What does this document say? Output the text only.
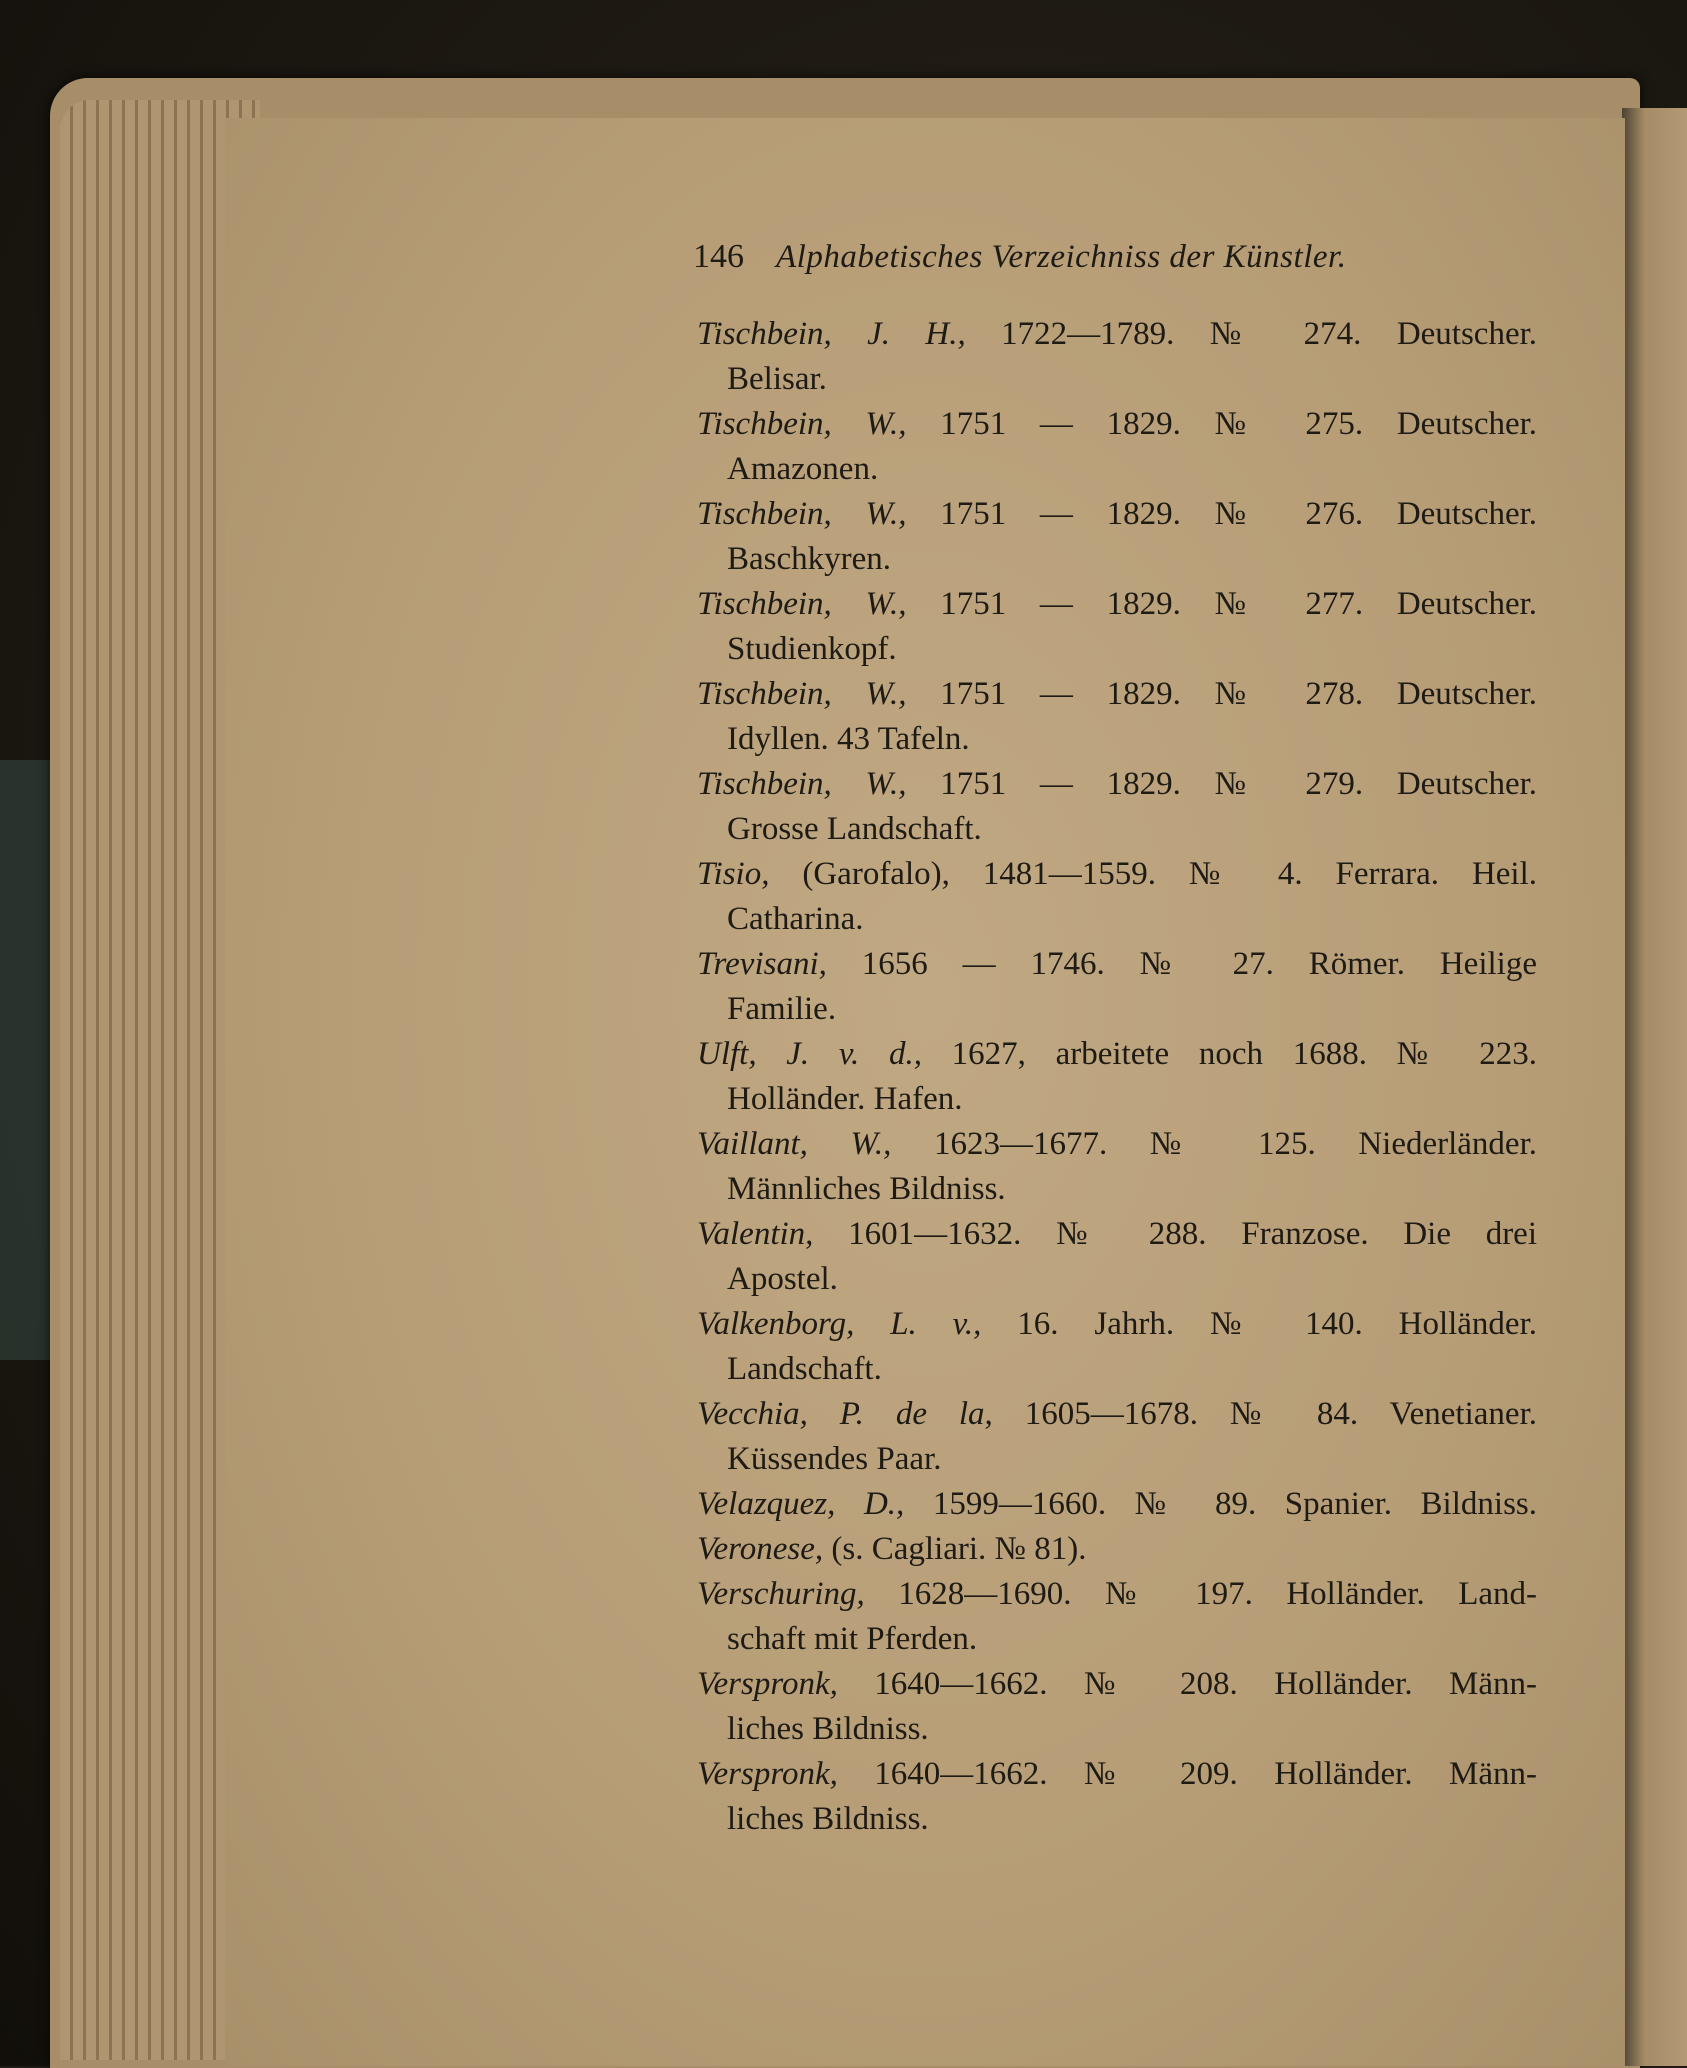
146 Alphabetisches Verzeichniss der Künstler.
Tischbein, J. H., 1722—1789. № 274. Deutscher.
Belisar.
Tischbein, W., 1751 — 1829. № 275. Deutscher.
Amazonen.
Tischbein, W., 1751 — 1829. № 276. Deutscher.
Baschkyren.
Tischbein, W., 1751 — 1829. № 277. Deutscher.
Studienkopf.
Tischbein, W., 1751 — 1829. № 278. Deutscher.
Idyllen. 43 Tafeln.
Tischbein, W., 1751 — 1829. № 279. Deutscher.
Grosse Landschaft.
Tisio, (Garofalo), 1481—1559. № 4. Ferrara. Heil.
Catharina.
Trevisani, 1656 — 1746. № 27. Römer. Heilige
Familie.
Ulft, J. v. d., 1627, arbeitete noch 1688. № 223.
Holländer. Hafen.
Vaillant, W., 1623—1677. № 125. Niederländer.
Männliches Bildniss.
Valentin, 1601—1632. № 288. Franzose. Die drei
Apostel.
Valkenborg, L. v., 16. Jahrh. № 140. Holländer.
Landschaft.
Vecchia, P. de la, 1605—1678. № 84. Venetianer.
Küssendes Paar.
Velazquez, D., 1599—1660. № 89. Spanier. Bildniss.
Veronese, (s. Cagliari. № 81).
Verschuring, 1628—1690. № 197. Holländer. Land-
schaft mit Pferden.
Verspronk, 1640—1662. № 208. Holländer. Männ-
liches Bildniss.
Verspronk, 1640—1662. № 209. Holländer. Männ-
liches Bildniss.
